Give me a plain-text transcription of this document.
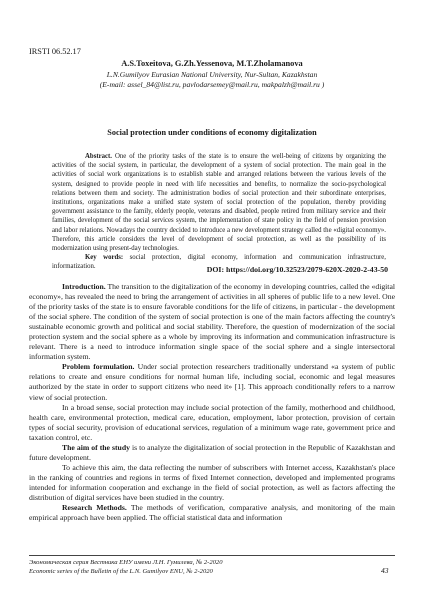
IRSTI 06.52.17
A.S.Toxeitova, G.Zh.Yessenova, M.T.Zholamanova
L.N.Gumilyov Eurasian National University, Nur-Sultan, Kazakhstan
(E-mail: assel_84@list.ru, pavlodarsemey@mail.ru, makpalzh@mail.ru )
Social protection under conditions of economy digitalization
Abstract. One of the priority tasks of the state is to ensure the well-being of citizens by organizing the activities of the social system, in particular, the development of a system of social protection. The main goal in the activities of social work organizations is to establish stable and arranged relations between the various levels of the system, designed to provide people in need with life necessities and benefits, to normalize the socio-psychological relations between them and society. The administration bodies of social protection and their subordinate enterprises, institutions, organizations make a unified state system of social protection of the population, thereby providing government assistance to the family, elderly people, veterans and disabled, people retired from military service and their families, development of the social services system, the implementation of state policy in the field of pension provision and labor relations. Nowadays the country decided to introduce a new development strategy called the «digital economy». Therefore, this article considers the level of development of social protection, as well as the possibility of its modernization using present-day technologies.
Key words: social protection, digital economy, information and communication infrastructure, informatization.	DOI: https://doi.org/10.32523/2079-620X-2020-2-43-50

Introduction. The transition to the digitalization of the economy in developing countries, called the «digital economy», has revealed the need to bring the arrangement of activities in all spheres of public life to a new level. One of the priority tasks of the state is to ensure favorable conditions for the life of citizens, in particular - the development of the social sphere. The condition of the system of social protection is one of the main factors affecting the country's sustainable economic growth and political and social stability. Therefore, the question of modernization of the social protection system and the social sphere as a whole by improving its information and communication infrastructure is relevant. There is a need to introduce information single space of the social sphere and a single intersectoral information system.

Problem formulation. Under social protection researchers traditionally understand «a system of public relations to create and ensure conditions for normal human life, including social, economic and legal measures authorized by the state in order to support citizens who need it» [1]. This approach conditionally refers to a narrow view of social protection.

In a broad sense, social protection may include social protection of the family, motherhood and childhood, health care, environmental protection, medical care, education, employment, labor protection, provision of certain types of social security, provision of educational services, regulation of a minimum wage rate, government price and taxation control, etc.

The aim of the study is to analyze the digitalization of social protection in the Republic of Kazakhstan and future development.

To achieve this aim, the data reflecting the number of subscribers with Internet access, Kazakhstan's place in the ranking of countries and regions in terms of fixed Internet connection, developed and implemented programs intended for information cooperation and exchange in the field of social protection, as well as factors affecting the distribution of digital services have been studied in the country.

Research Methods. The methods of verification, comparative analysis, and monitoring of the main empirical approach have been applied. The official statistical data and information

Экономическая серия Вестника ЕНУ имени Л.Н. Гумилева, № 2-2020
Economic series of the Bulletin of the L.N. Gumilyov ENU, № 2-2020	43
